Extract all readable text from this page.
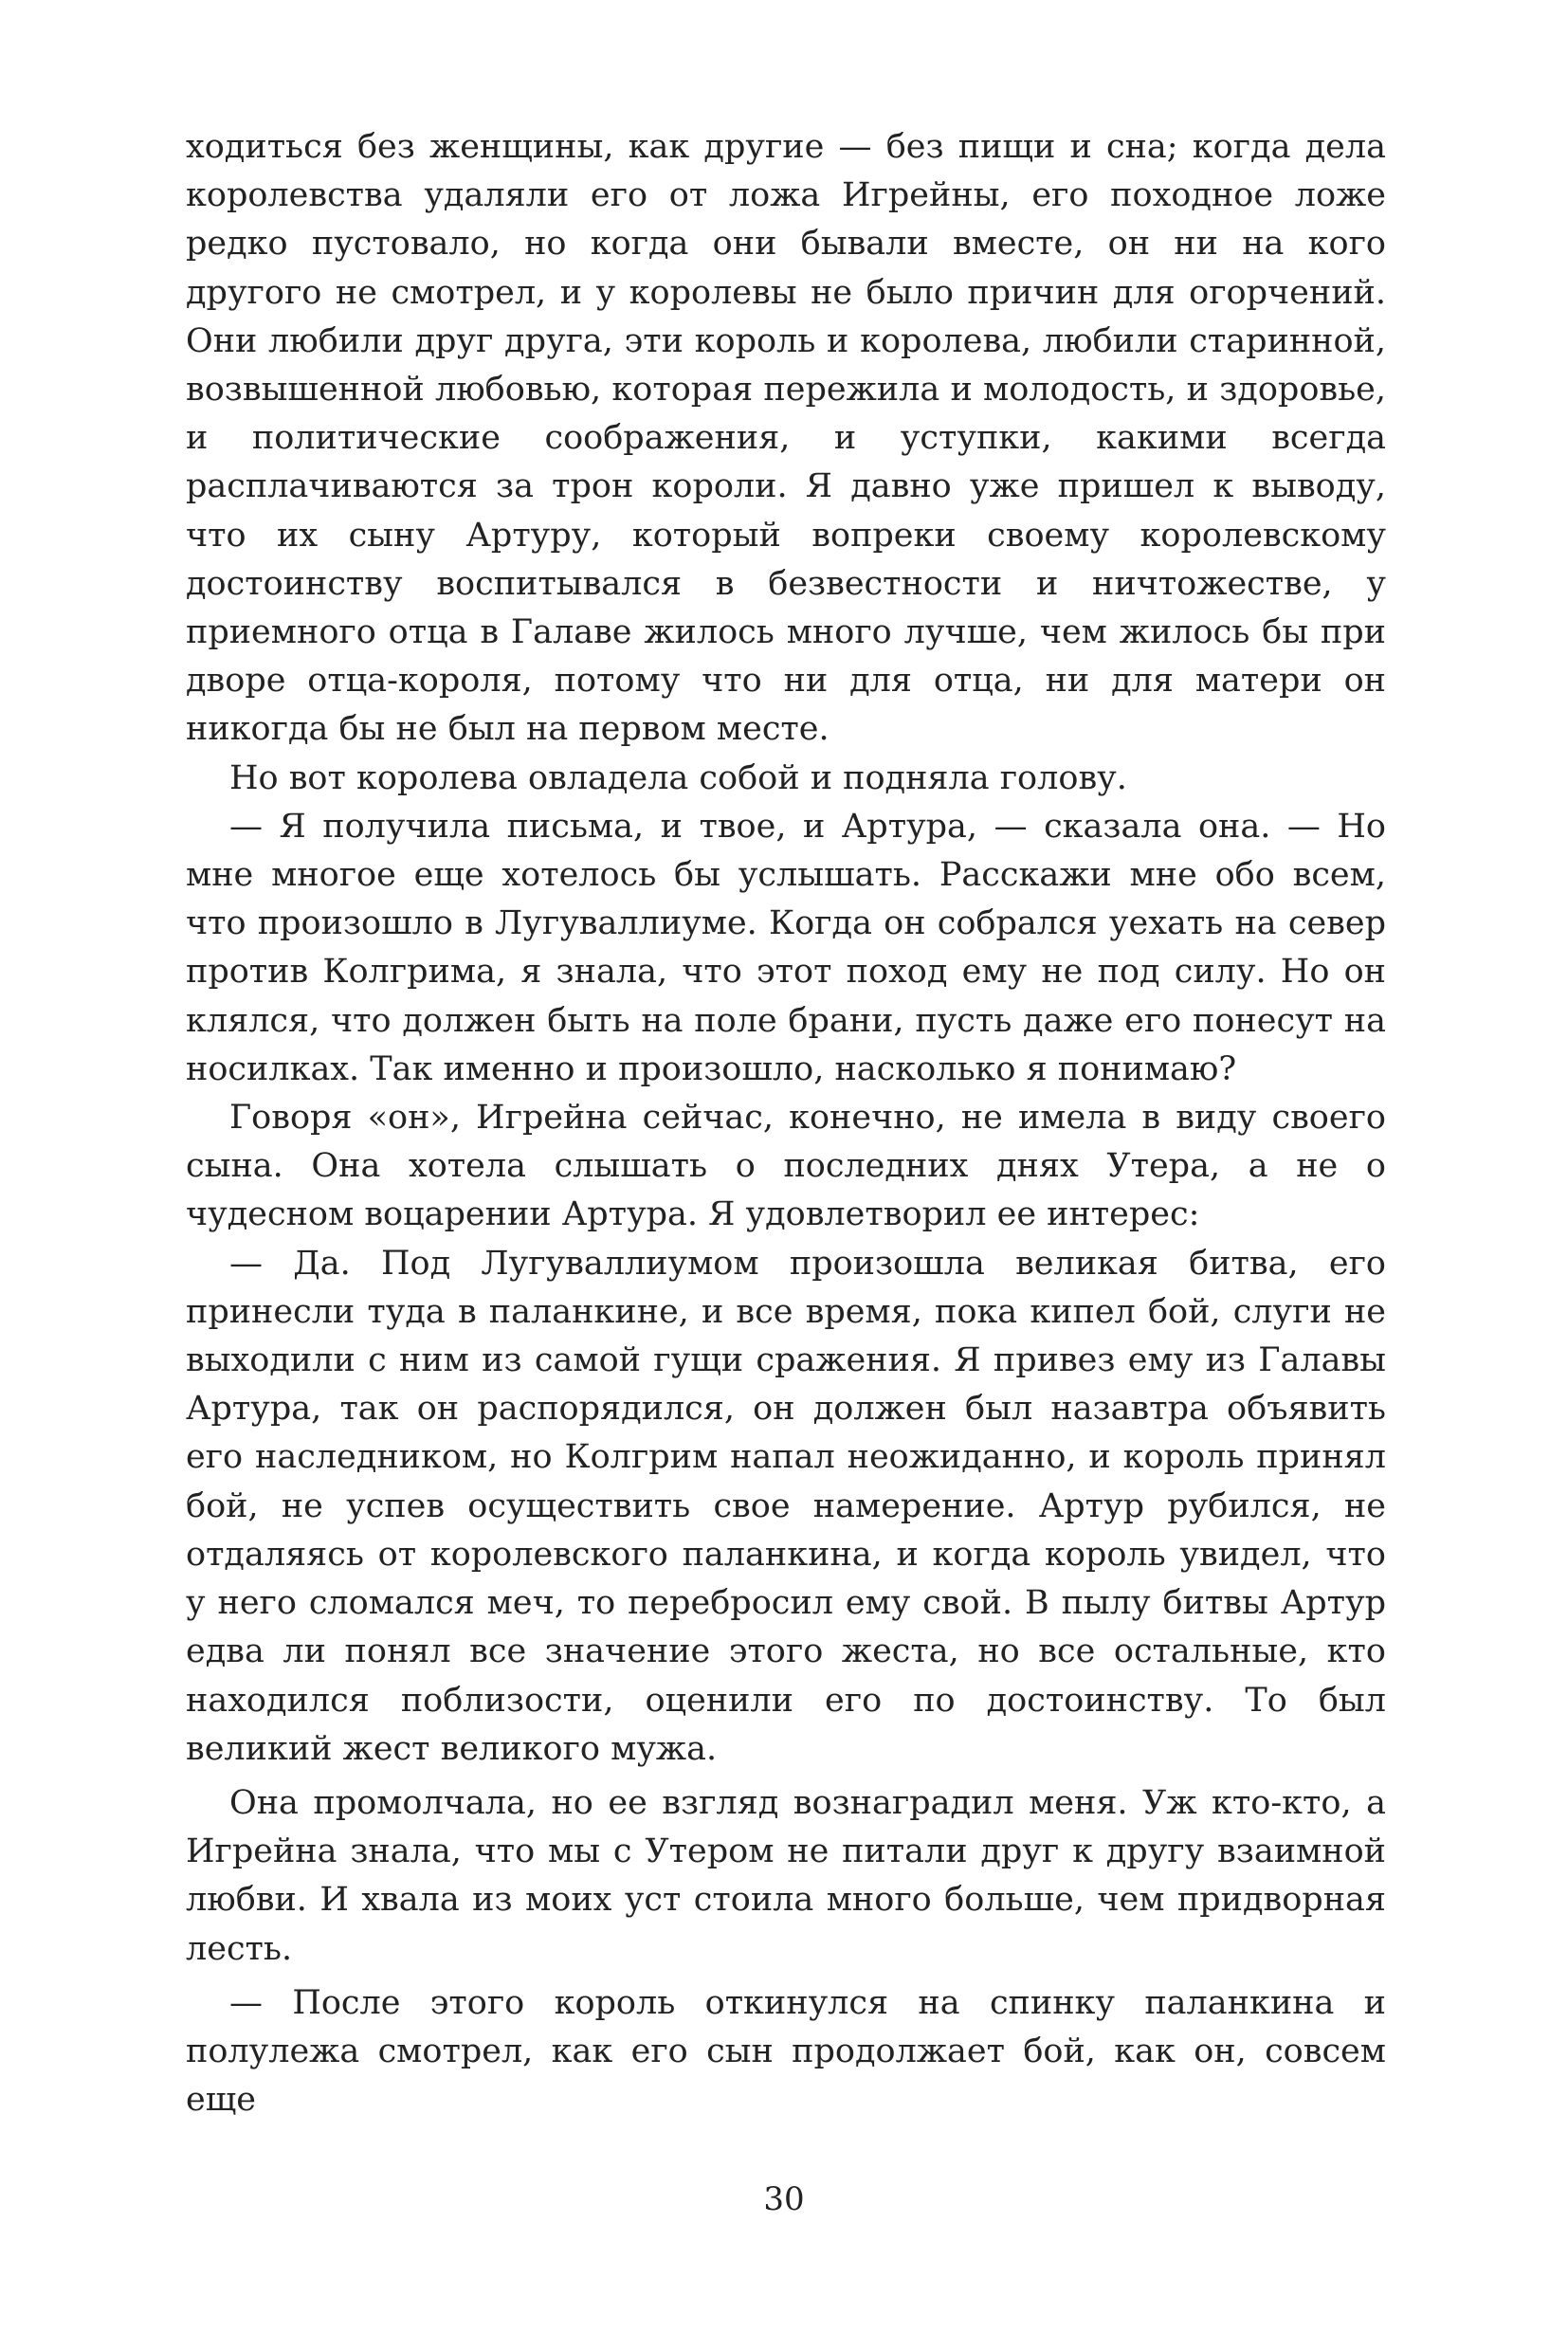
ходиться без женщины, как другие — без пищи и сна; когда дела королевства удаляли его от ложа Игрейны, его походное ложе редко пустовало, но когда они бывали вместе, он ни на кого другого не смотрел, и у королевы не было причин для огорчений. Они любили друг друга, эти король и королева, любили старинной, возвышенной любовью, которая пережила и молодость, и здоровье, и политические соображения, и уступки, какими всегда расплачиваются за трон короли. Я давно уже пришел к выводу, что их сыну Артуру, который вопреки своему королевскому достоинству воспитывался в безвестности и ничтожестве, у приемного отца в Галаве жилось много лучше, чем жилось бы при дворе отца-короля, потому что ни для отца, ни для матери он никогда бы не был на первом месте.

Но вот королева овладела собой и подняла голову.

— Я получила письма, и твое, и Артура, — сказала она. — Но мне многое еще хотелось бы услышать. Расскажи мне обо всем, что произошло в Лугуваллиуме. Когда он собрался уехать на север против Колгрима, я знала, что этот поход ему не под силу. Но он клялся, что должен быть на поле брани, пусть даже его понесут на носилках. Так именно и произошло, насколько я понимаю?

Говоря «он», Игрейна сейчас, конечно, не имела в виду своего сына. Она хотела слышать о последних днях Утера, а не о чудесном воцарении Артура. Я удовлетворил ее интерес:

— Да. Под Лугуваллиумом произошла великая битва, его принесли туда в паланкине, и все время, пока кипел бой, слуги не выходили с ним из самой гущи сражения. Я привез ему из Галавы Артура, так он распорядился, он должен был назавтра объявить его наследником, но Колгрим напал неожиданно, и король принял бой, не успев осуществить свое намерение. Артур рубился, не отдаляясь от королевского паланкина, и когда король увидел, что у него сломался меч, то перебросил ему свой. В пылу битвы Артур едва ли понял все значение этого жеста, но все остальные, кто находился поблизости, оценили его по достоинству. То был великий жест великого мужа.

Она промолчала, но ее взгляд вознаградил меня. Уж кто-кто, а Игрейна знала, что мы с Утером не питали друг к другу взаимной любви. И хвала из моих уст стоила много больше, чем придворная лесть.

— После этого король откинулся на спинку паланкина и полулежа смотрел, как его сын продолжает бой, как он, совсем еще

30
